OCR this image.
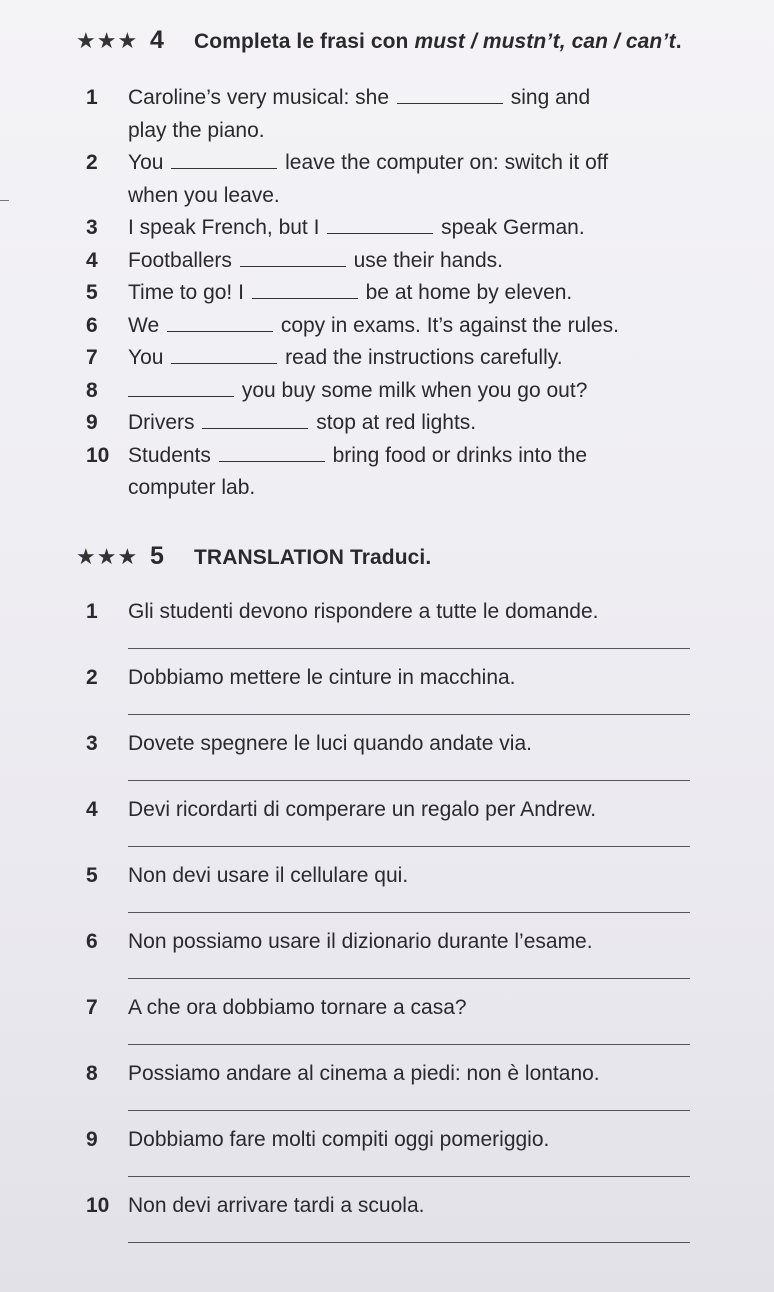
★★★ 4	Completa le frasi con must / mustn’t, can / can’t.
1	Caroline’s very musical: she	sing and
play the piano.
2	You	leave the computer on: switch it off
when you leave.
3	I speak French, but I	speak German.
4	Footballers	use their hands.
5	Time to go! I	be at home by eleven.
6	We	copy in exams. It’s against the rules.
7	You	read the instructions carefully.
8	you buy some milk when you go out?
9	Drivers	stop at red lights.
10 Students	bring food or drinks into the
computer lab.
★★★ 5	TRANSLATION Traduci.
1	Gli studenti devono rispondere a tutte le domande.
2	Dobbiamo mettere le cinture in macchina.
3	Dovete spegnere le luci quando andate via.
4	Devi ricordarti di comperare un regalo per Andrew.
5	Non devi usare il cellulare qui.
6	Non possiamo usare il dizionario durante l’esame.
7	A che ora dobbiamo tornare a casa?
8	Possiamo andare al cinema a piedi: non è lontano.
9	Dobbiamo fare molti compiti oggi pomeriggio.
10 Non devi arrivare tardi a scuola.
